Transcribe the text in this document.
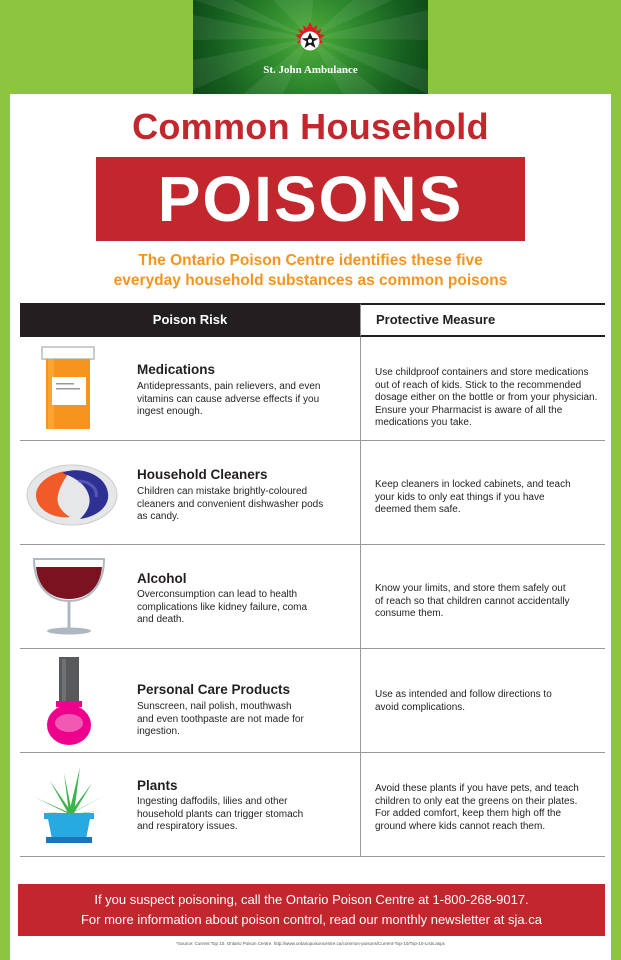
St. John Ambulance
Common Household
POISONS
The Ontario Poison Centre identifies these five
everyday household substances as common poisons
Poison Risk	Protective Measure
Medications
Antidepressants, pain relievers, and even
vitamins can cause adverse effects if you
ingest enough.
Use childproof containers and store medications
out of reach of kids. Stick to the recommended
dosage either on the bottle or from your physician.
Ensure your Pharmacist is aware of all the
medications you take.
Household Cleaners
Children can mistake brightly-coloured
cleaners and convenient dishwasher pods
as candy.
Keep cleaners in locked cabinets, and teach
your kids to only eat things if you have
deemed them safe.
Alcohol
Overconsumption can lead to health
complications like kidney failure, coma
and death.
Know your limits, and store them safely out
of reach so that children cannot accidentally
consume them.
Personal Care Products
Sunscreen, nail polish, mouthwash
and even toothpaste are not made for
ingestion.
Use as intended and follow directions to
avoid complications.
Plants
Ingesting daffodils, lilies and other
household plants can trigger stomach
and respiratory issues.
Avoid these plants if you have pets, and teach
children to only eat the greens on their plates.
For added comfort, keep them high off the
ground where kids cannot reach them.
If you suspect poisoning, call the Ontario Poison Centre at 1-800-268-9017.
For more information about poison control, read our monthly newsletter at sja.ca
*Source: Current Top 10. Ontario Poison Centre. http://www.ontariopoisoncentre.ca/common-poisons/Current-Top-10/Top-10-Lists.aspx
